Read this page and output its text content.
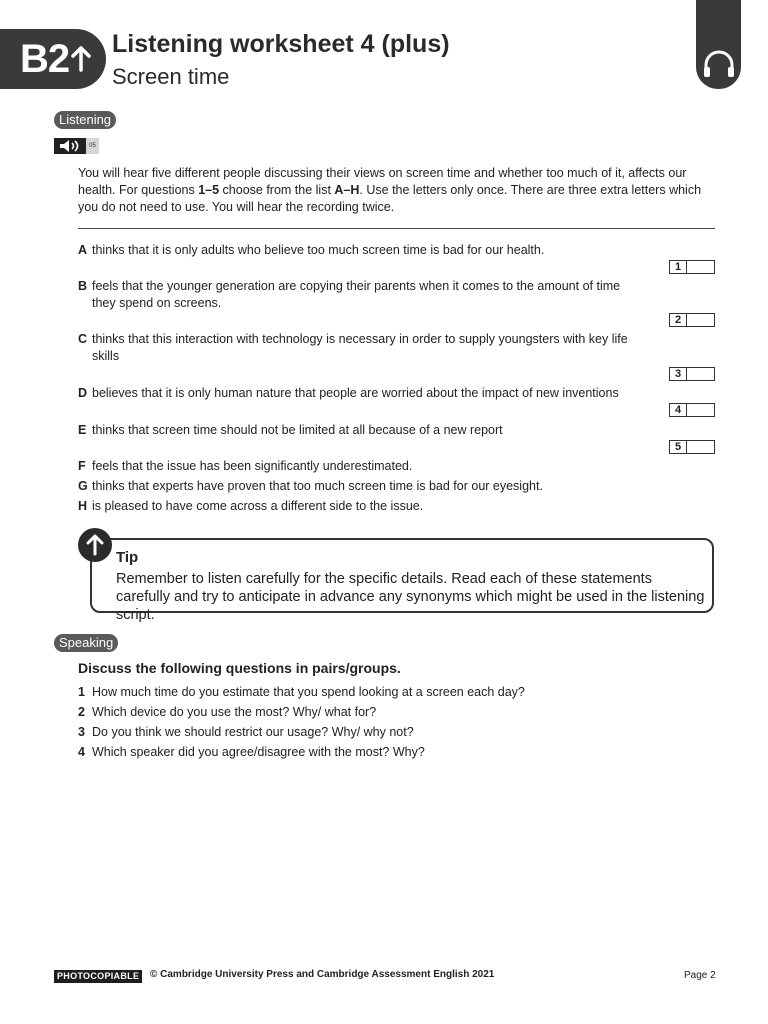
B2 Listening worksheet 4 (plus)
Screen time
Listening
05
You will hear five different people discussing their views on screen time and whether too much of it, affects our health. For questions 1–5 choose from the list A–H. Use the letters only once. There are three extra letters which you do not need to use. You will hear the recording twice.
A thinks that it is only adults who believe too much screen time is bad for our health.
B feels that the younger generation are copying their parents when it comes to the amount of time they spend on screens.
C thinks that this interaction with technology is necessary in order to supply youngsters with key life skills
D believes that it is only human nature that people are worried about the impact of new inventions
E thinks that screen time should not be limited at all because of a new report
F feels that the issue has been significantly underestimated.
G thinks that experts have proven that too much screen time is bad for our eyesight.
H is pleased to have come across a different side to the issue.
1
2
3
4
5
Tip
Remember to listen carefully for the specific details. Read each of these statements carefully and try to anticipate in advance any synonyms which might be used in the listening script.
Speaking
Discuss the following questions in pairs/groups.
1 How much time do you estimate that you spend looking at a screen each day?
2 Which device do you use the most? Why/ what for?
3 Do you think we should restrict our usage? Why/ why not?
4 Which speaker did you agree/disagree with the most? Why?
PHOTOCOPIABLE	© Cambridge University Press and Cambridge Assessment English 2021	Page 2
